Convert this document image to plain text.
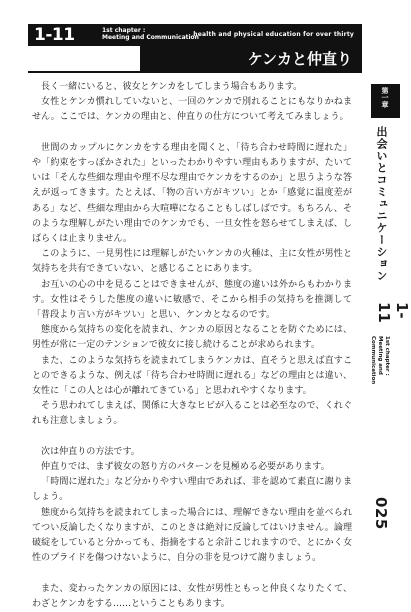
1-11	1st chapter :
Meeting and Communication
health and physical education for over thirty
ケンカと仲直り

長く一緒にいると、彼女とケンカをしてしまう場合もあります。

女性とケンカ慣れしていないと、一回のケンカで別れることにもなりかねません。ここでは、ケンカの理由と、仲直りの仕方について考えてみましょう。

世間のカップルにケンカをする理由を聞くと、「待ち合わせ時間に遅れた」や「約束をすっぽかされた」といったわかりやすい理由もありますが、たいていは「そんな些細な理由や理不尽な理由でケンカをするのか」と思うような答えが返ってきます。たとえば、「物の言い方がキツい」とか「感覚に温度差がある」など、些細な理由から大喧嘩になることもしばしばです。もちろん、そのような理解しがたい理由でのケンカでも、一旦女性を怒らせてしまえば、しばらくは止まりません。

このように、一見男性には理解しがたいケンカの火種は、主に女性が男性と気持ちを共有できていない、と感じることにあります。

お互いの心の中を見ることはできませんが、態度の違いは外からもわかります。女性はそうした態度の違いに敏感で、そこから相手の気持ちを推測して「普段より言い方がキツい」と思い、ケンカとなるのです。

態度から気持ちの変化を読まれ、ケンカの原因となることを防ぐためには、男性が常に一定のテンションで彼女に接し続けることが求められます。

また、このような気持ちを読まれてしまうケンカは、直そうと思えば直すことのできるような、例えば「待ち合わせ時間に遅れる」などの理由とは違い、女性に「この人とは心が離れてきている」と思われやすくなります。

そう思われてしまえば、関係に大きなヒビが入ることは必至なので、くれぐれも注意しましょう。

次は仲直りの方法です。

仲直りでは、まず彼女の怒り方のパターンを見極める必要があります。

「時間に遅れた」など分かりやすい理由であれば、非を認めて素直に謝りましょう。

態度から気持ちを読まれてしまった場合には、理解できない理由を並べられてつい反論したくなりますが、このときは絶対に反論してはいけません。論理破綻をしていると分かっても、指摘をすると余計こじれますので、とにかく女性のプライドを傷つけないように、自分の非を見つけて謝りましょう。

また、変わったケンカの原因には、女性が男性ともっと仲良くなりたくて、わざとケンカをする……ということもあります。

第一章
出会いとコミュニケーション
1-11
1st chapter : Meeting and Communication
025
